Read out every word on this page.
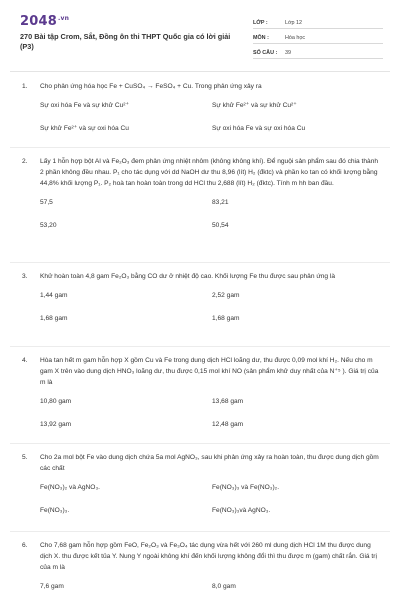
$2048^{.vn}$
270 Bài tập Crom, Sắt, Đồng ôn thi THPT Quốc gia có lời giải (P3)
LỚP :	Lớp 12
MÔN :	Hóa học
SỐ CÂU :	39
1.	Cho phản ứng hóa học Fe + CuSO₄ → FeSO₄ + Cu. Trong phản ứng xảy ra
Sự oxi hóa Fe và sự khử Cu²⁺	Sự khử Fe²⁺ và sự khử Cu²⁺
Sự khử Fe²⁺ và sự oxi hóa Cu	Sự oxi hóa Fe và sự oxi hóa Cu
2.	Lấy 1 hỗn hợp bột Al và Fe₂O₃ đem phản ứng nhiệt nhôm (không không khí). Để nguội sản phẩm sau đó chia thành 2 phần không đều nhau. P₁ cho tác dụng với dd NaOH dư thu 8,96 (lít) H₂ (đktc) và phần ko tan có khối lượng bằng 44,8% khối lượng P₁. P₂ hoà tan hoàn toàn trong dd HCl thu 2,688 (lít) H₂ (đktc). Tính m hh ban đầu.
57,5	83,21
53,20	50,54
3.	Khử hoàn toàn 4,8 gam Fe₂O₃ bằng CO dư ở nhiệt độ cao. Khối lượng Fe thu được sau phản ứng là
1,44 gam	2,52 gam
1,68 gam	1,68 gam
4.	Hòa tan hết m gam hỗn hợp X gồm Cu và Fe trong dung dịch HCl loãng dư, thu được 0,09 mol khí H₂. Nếu cho m gam X trên vào dung dịch HNO₃ loãng dư, thu được 0,15 mol khí NO (sản phẩm khử duy nhất của N⁺⁵ ). Giá trị của m là
10,80 gam	13,68 gam
13,92 gam	12,48 gam
5.	Cho 2a mol bột Fe vào dung dịch chứa 5a mol AgNO₃, sau khi phản ứng xảy ra hoàn toàn, thu được dung dịch gồm các chất
Fe(NO₃)₂ và AgNO₃.	Fe(NO₃)₃ và Fe(NO₃)₂.
Fe(NO₃)₃.	Fe(NO₃)₃và AgNO₃.
6.	Cho 7,68 gam hỗn hợp gồm FeO, Fe₂O₃ và Fe₃O₄ tác dụng vừa hết với 260 ml dung dịch HCl 1M thu được dung dịch X. thu được kết tủa Y. Nung Y ngoài không khí đến khối lượng không đổi thì thu được m (gam) chất rắn. Giá trị của m là
7,6 gam	8,0 gam
